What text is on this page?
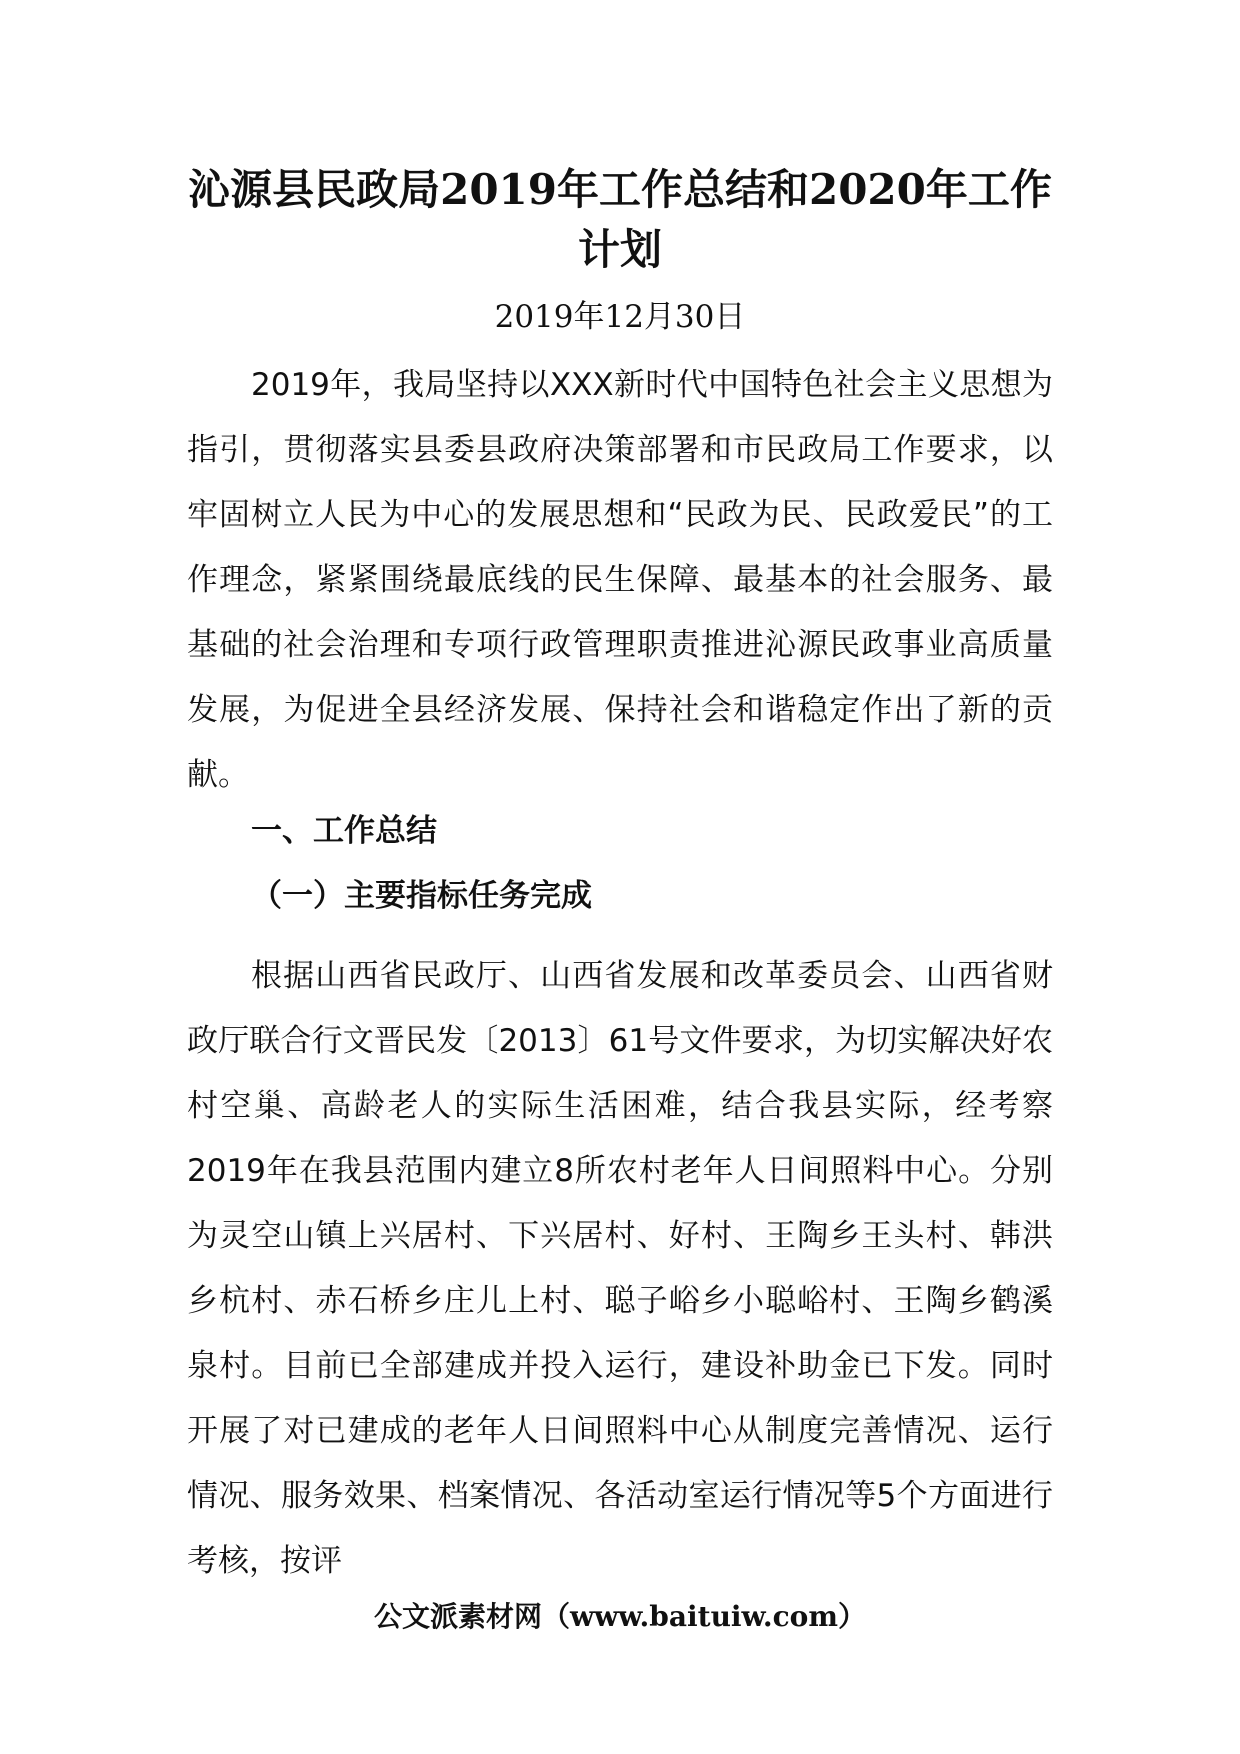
沁源县民政局2019年工作总结和2020年工作计划
2019年12月30日

2019年，我局坚持以XXX新时代中国特色社会主义思想为指引，贯彻落实县委县政府决策部署和市民政局工作要求，以牢固树立人民为中心的发展思想和“民政为民、民政爱民”的工作理念，紧紧围绕最底线的民生保障、最基本的社会服务、最基础的社会治理和专项行政管理职责推进沁源民政事业高质量发展，为促进全县经济发展、保持社会和谐稳定作出了新的贡献。

一、工作总结
（一）主要指标任务完成

根据山西省民政厅、山西省发展和改革委员会、山西省财政厅联合行文晋民发〔2013〕61号文件要求，为切实解决好农村空巢、高龄老人的实际生活困难，结合我县实际，经考察2019年在我县范围内建立8所农村老年人日间照料中心。分别为灵空山镇上兴居村、下兴居村、好村、王陶乡王头村、韩洪乡杭村、赤石桥乡庄儿上村、聪子峪乡小聪峪村、王陶乡鹤溪泉村。目前已全部建成并投入运行，建设补助金已下发。同时开展了对已建成的老年人日间照料中心从制度完善情况、运行情况、服务效果、档案情况、各活动室运行情况等5个方面进行考核，按评

公文派素材网（www.baituiw.com）
